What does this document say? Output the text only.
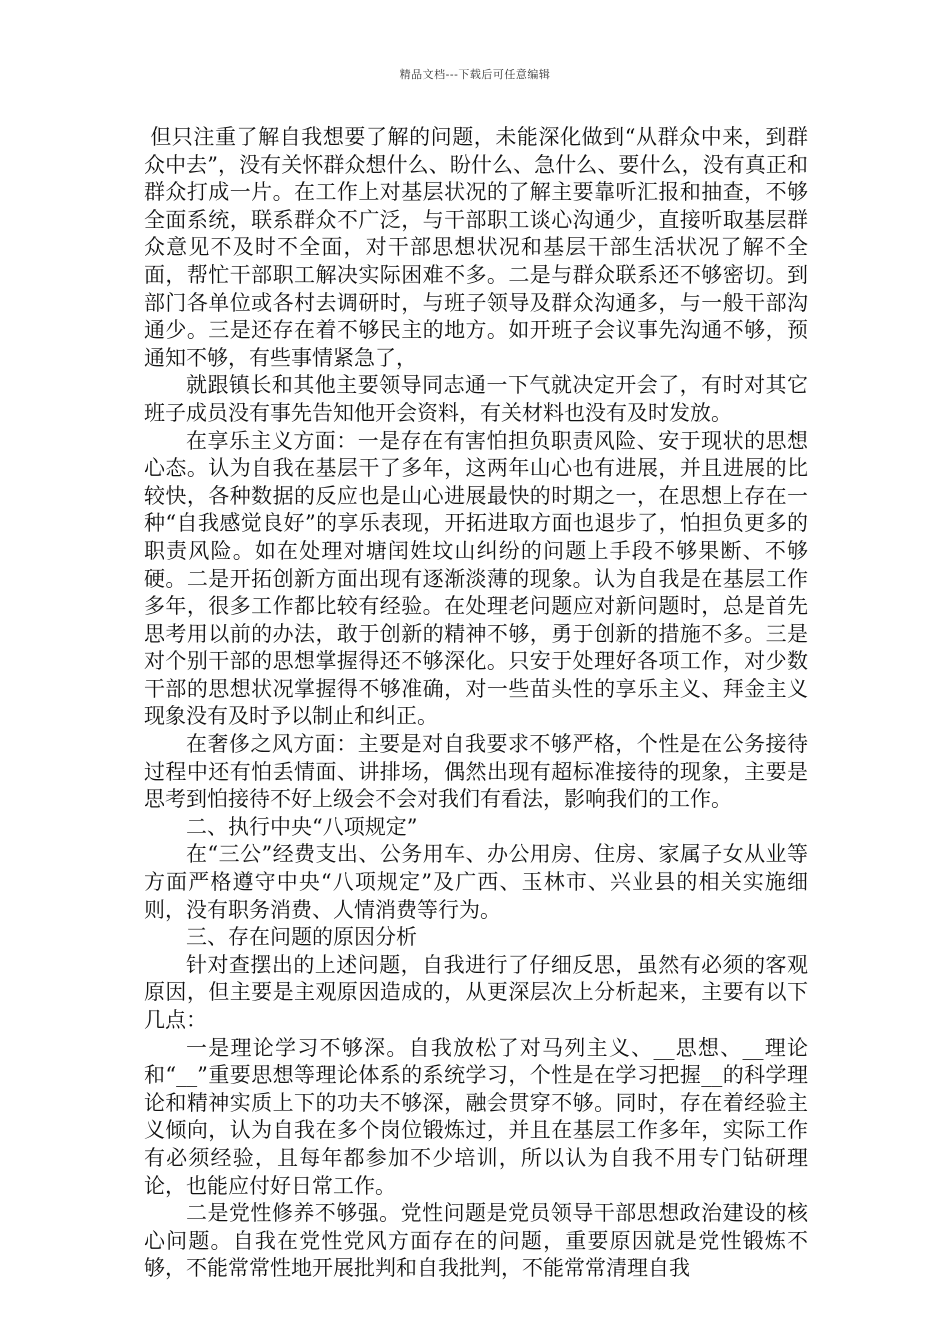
精品文档---下载后可任意编辑

但只注重了解自我想要了解的问题，未能深化做到“从群众中来，到群众中去”，没有关怀群众想什么、盼什么、急什么、要什么，没有真正和群众打成一片。在工作上对基层状况的了解主要靠听汇报和抽查，不够全面系统，联系群众不广泛，与干部职工谈心沟通少，直接听取基层群众意见不及时不全面，对干部思想状况和基层干部生活状况了解不全面，帮忙干部职工解决实际困难不多。二是与群众联系还不够密切。到部门各单位或各村去调研时，与班子领导及群众沟通多，与一般干部沟通少。三是还存在着不够民主的地方。如开班子会议事先沟通不够，预通知不够，有些事情紧急了，

就跟镇长和其他主要领导同志通一下气就决定开会了，有时对其它班子成员没有事先告知他开会资料，有关材料也没有及时发放。

在享乐主义方面：一是存在有害怕担负职责风险、安于现状的思想心态。认为自我在基层干了多年，这两年山心也有进展，并且进展的比较快，各种数据的反应也是山心进展最快的时期之一，在思想上存在一种“自我感觉良好”的享乐表现，开拓进取方面也退步了，怕担负更多的职责风险。如在处理对塘闰姓坟山纠纷的问题上手段不够果断、不够硬。二是开拓创新方面出现有逐渐淡薄的现象。认为自我是在基层工作多年，很多工作都比较有经验。在处理老问题应对新问题时，总是首先思考用以前的办法，敢于创新的精神不够，勇于创新的措施不多。三是对个别干部的思想掌握得还不够深化。只安于处理好各项工作，对少数干部的思想状况掌握得不够准确，对一些苗头性的享乐主义、拜金主义现象没有及时予以制止和纠正。

在奢侈之风方面：主要是对自我要求不够严格，个性是在公务接待过程中还有怕丢情面、讲排场，偶然出现有超标准接待的现象，主要是思考到怕接待不好上级会不会对我们有看法，影响我们的工作。

二、执行中央“八项规定”

在“三公”经费支出、公务用车、办公用房、住房、家属子女从业等方面严格遵守中央“八项规定”及广西、玉林市、兴业县的相关实施细则，没有职务消费、人情消费等行为。

三、存在问题的原因分析

针对查摆出的上述问题，自我进行了仔细反思，虽然有必须的客观原因，但主要是主观原因造成的，从更深层次上分析起来，主要有以下几点：

一是理论学习不够深。自我放松了对马列主义、__思想、__理论和“__”重要思想等理论体系的系统学习，个性是在学习把握__的科学理论和精神实质上下的功夫不够深，融会贯穿不够。同时，存在着经验主义倾向，认为自我在多个岗位锻炼过，并且在基层工作多年，实际工作有必须经验，且每年都参加不少培训，所以认为自我不用专门钻研理论，也能应付好日常工作。

二是党性修养不够强。党性问题是党员领导干部思想政治建设的核心问题。自我在党性党风方面存在的问题，重要原因就是党性锻炼不够，不能常常性地开展批判和自我批判，不能常常清理自我
